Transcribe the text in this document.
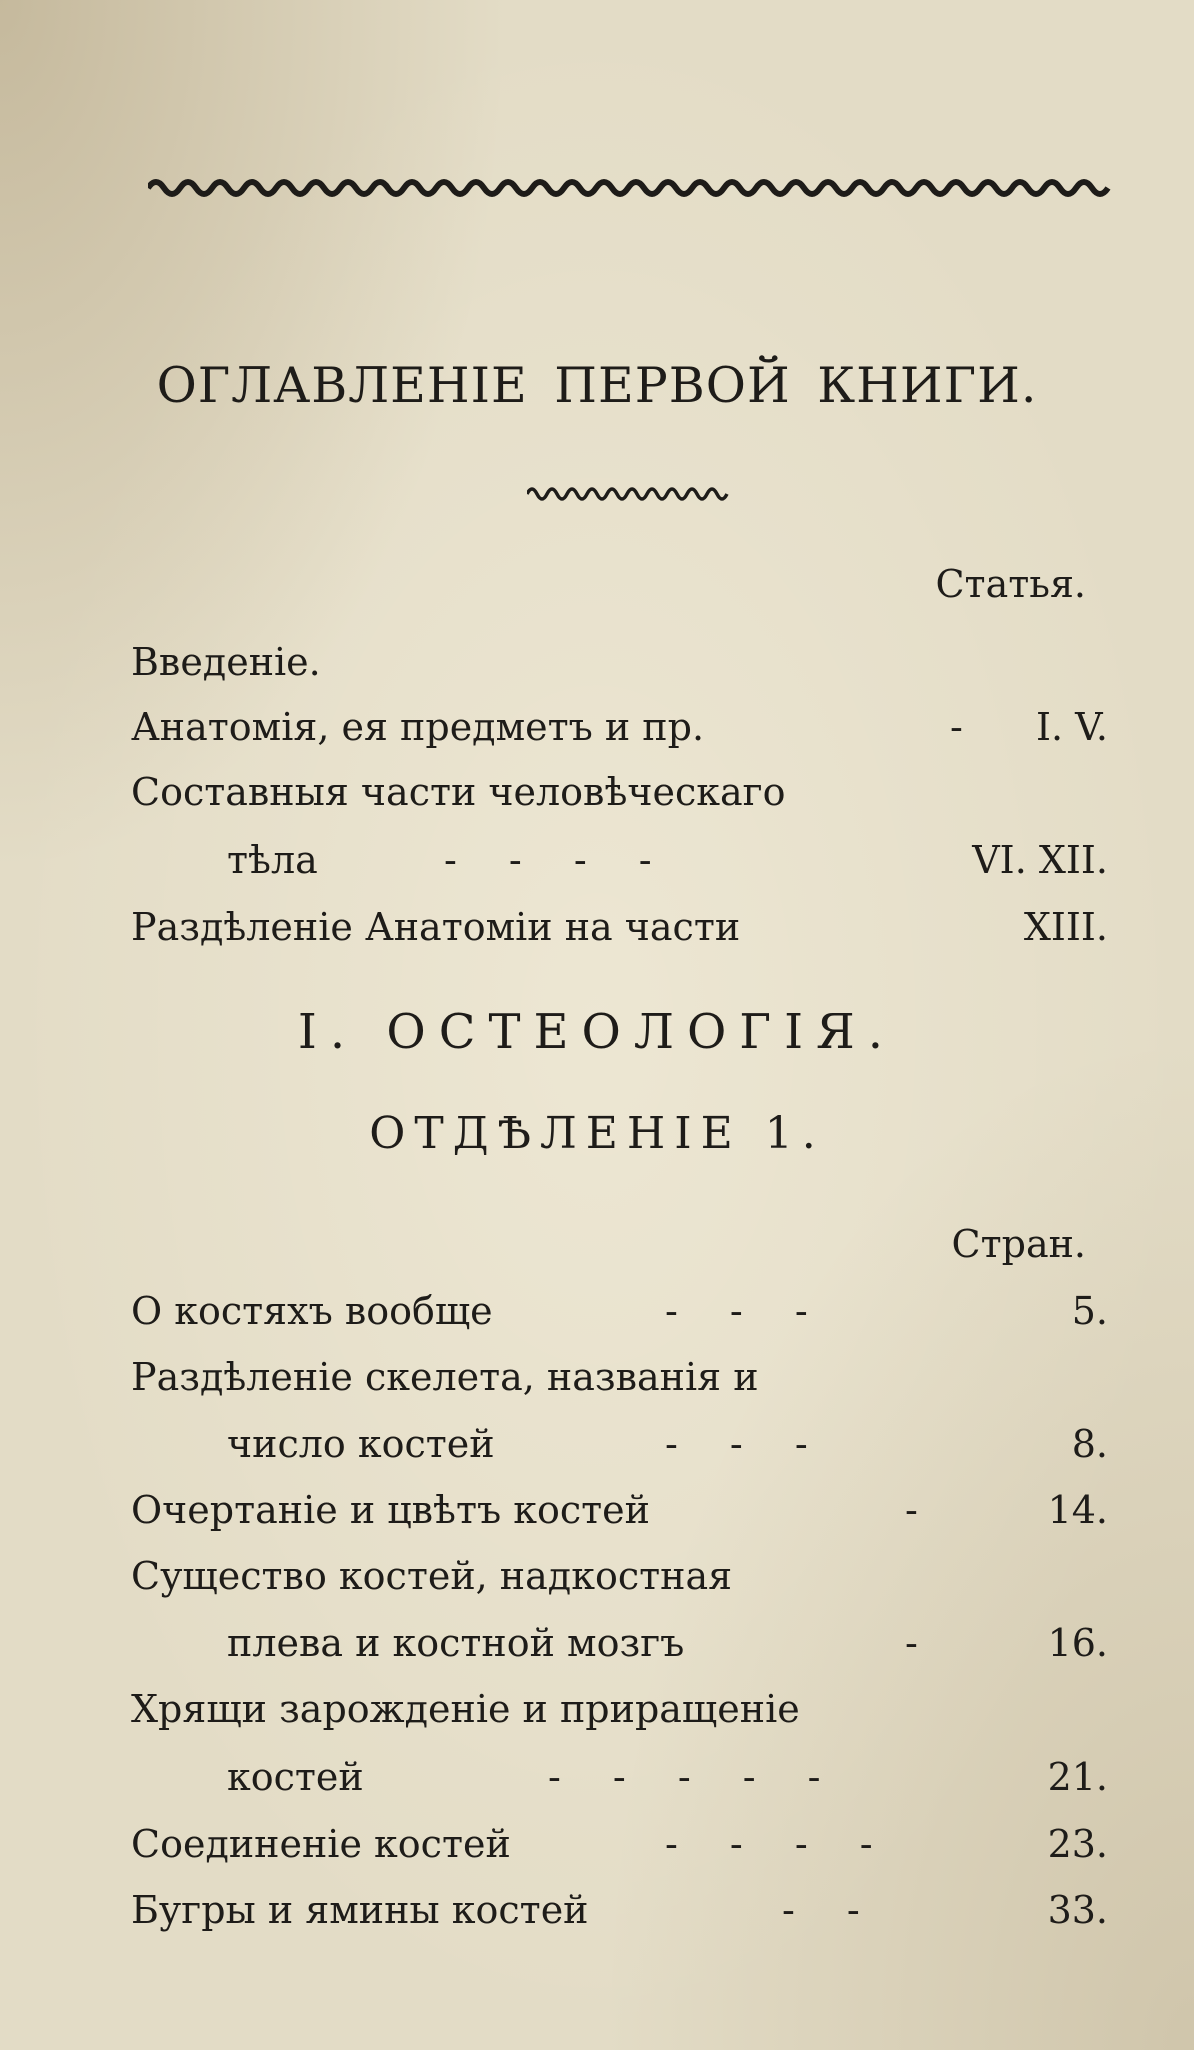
ОГЛАВЛЕНІЕ ПЕРВОЙ КНИГИ.
Статья.
Введеніе.
Анатомія, ея предметъ и пр.	- I. V.
Составныя части человѣческаго
тѣла	- - - -	VI. XII.
Раздѣленіе Анатоміи на части	XIII.
I. ОСТЕОЛОГІЯ.
ОТДѢЛЕНІЕ 1.
Стран.
О костяхъ вообще	- - -	5.
Раздѣленіе скелета, названія и
число костей	- - -	8.
Очертаніе и цвѣтъ костей	-	14.
Существо костей, надкостная
плева и костной мозгъ	-	16.
Хрящи зарожденіе и приращеніе
костей	- - - - -	21.
Соединеніе костей	- - - -	23.
Бугры и ямины костей	- -	33.
